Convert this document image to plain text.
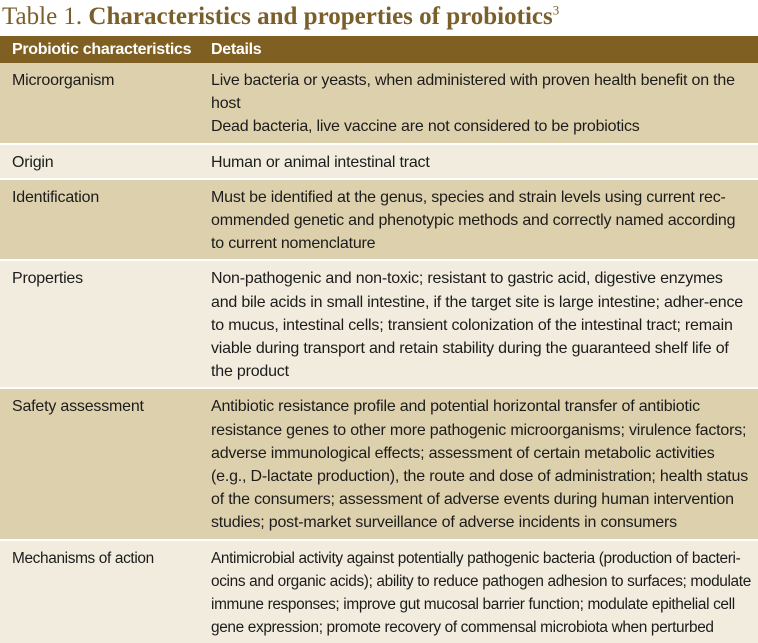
Table 1. Characteristics and properties of probiotics$^3$
Probiotic characteristics	Details
Microorganism	Live bacteria or yeasts, when administered with proven health benefit on the host
Dead bacteria, live vaccine are not considered to be probiotics

Origin	Human or animal intestinal tract

Identification	Must be identified at the genus, species and strain levels using current rec-ommended genetic and phenotypic methods and correctly named according to current nomenclature

Properties	Non-pathogenic and non-toxic; resistant to gastric acid, digestive enzymes and bile acids in small intestine, if the target site is large intestine; adher-ence to mucus, intestinal cells; transient colonization of the intestinal tract; remain viable during transport and retain stability during the guaranteed shelf life of the product

Safety assessment	Antibiotic resistance profile and potential horizontal transfer of antibiotic resistance genes to other more pathogenic microorganisms; virulence factors; adverse immunological effects; assessment of certain metabolic activities (e.g., D-lactate production), the route and dose of administration; health status of the consumers; assessment of adverse events during human intervention studies; post-market surveillance of adverse incidents in consumers

Mechanisms of action	Antimicrobial activity against potentially pathogenic bacteria (production of bacteri-ocins and organic acids); ability to reduce pathogen adhesion to surfaces; modulate immune responses; improve gut mucosal barrier function; modulate epithelial cell gene expression; promote recovery of commensal microbiota when perturbed
